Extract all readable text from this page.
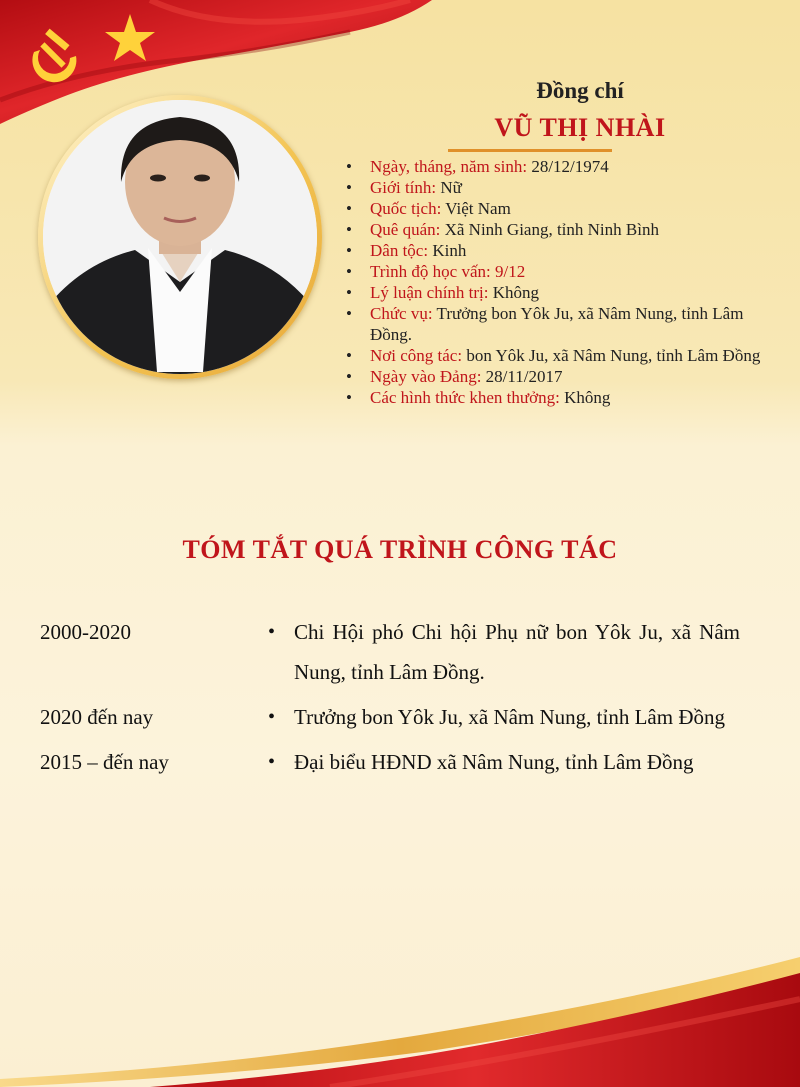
Đồng chí
VŨ THỊ NHÀI
• Ngày, tháng, năm sinh: 28/12/1974
• Giới tính: Nữ
• Quốc tịch: Việt Nam
• Quê quán: Xã Ninh Giang, tỉnh Ninh Bình
• Dân tộc: Kinh
• Trình độ học vấn: 9/12
• Lý luận chính trị: Không
• Chức vụ: Trưởng bon Yôk Ju, xã Nâm Nung, tỉnh Lâm Đồng.
• Nơi công tác: bon Yôk Ju, xã Nâm Nung, tỉnh Lâm Đồng
• Ngày vào Đảng: 28/11/2017
• Các hình thức khen thưởng: Không
TÓM TẮT QUÁ TRÌNH CÔNG TÁC
2000-2020	• Chi Hội phó Chi hội Phụ nữ bon Yôk Ju, xã Nâm Nung, tỉnh Lâm Đồng.
2020 đến nay	• Trưởng bon Yôk Ju, xã Nâm Nung, tỉnh Lâm Đồng
2015 – đến nay	• Đại biểu HĐND xã Nâm Nung, tỉnh Lâm Đồng
